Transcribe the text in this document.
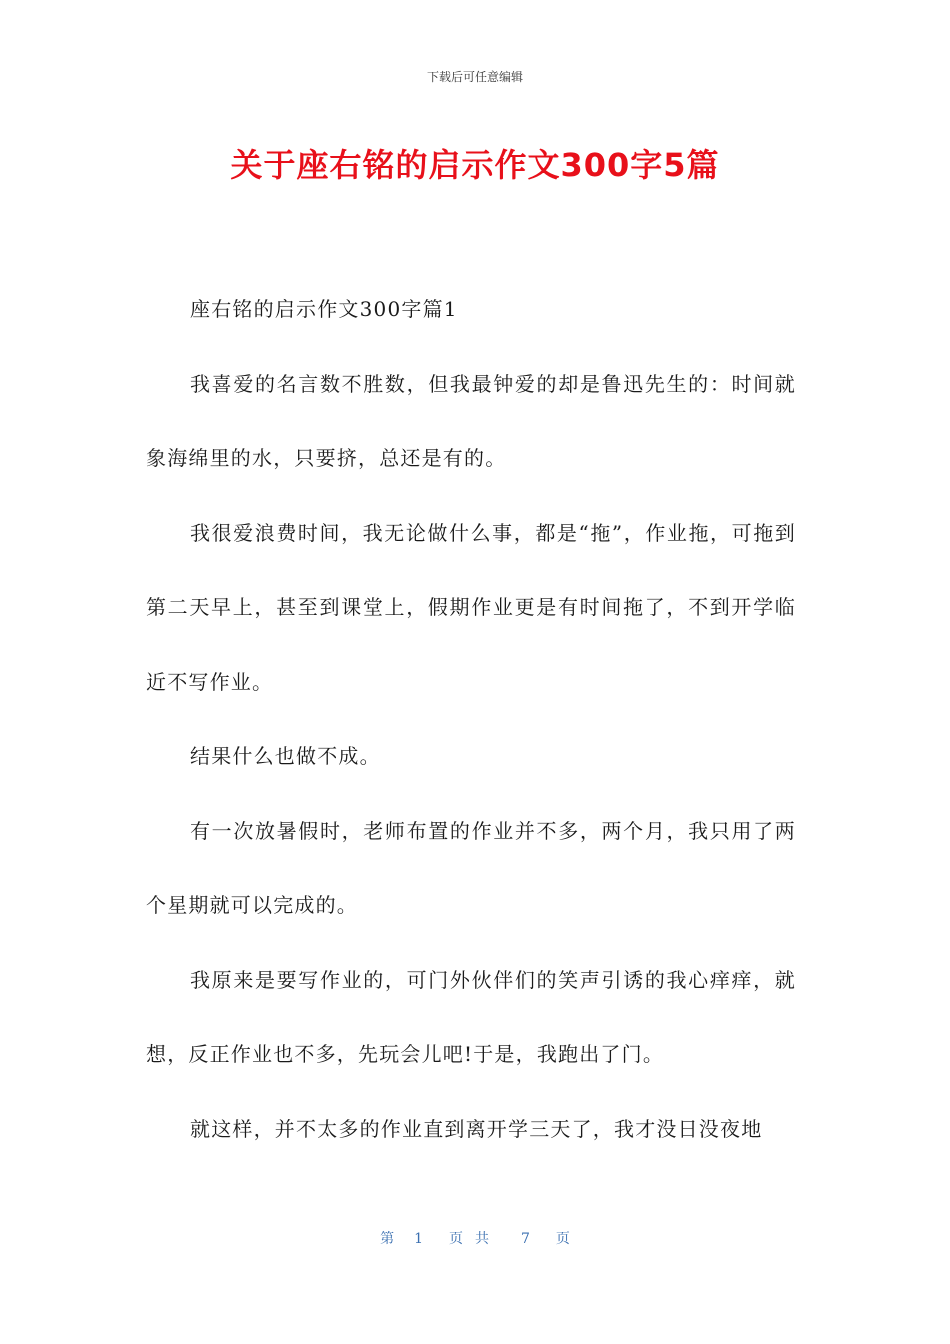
下载后可任意编辑
关于座右铭的启示作文300字5篇

座右铭的启示作文300字篇1

我喜爱的名言数不胜数，但我最钟爱的却是鲁迅先生的：时间就象海绵里的水，只要挤，总还是有的。

我很爱浪费时间，我无论做什么事，都是“拖”，作业拖，可拖到第二天早上，甚至到课堂上，假期作业更是有时间拖了，不到开学临近不写作业。

结果什么也做不成。

有一次放暑假时，老师布置的作业并不多，两个月，我只用了两个星期就可以完成的。

我原来是要写作业的，可门外伙伴们的笑声引诱的我心痒痒，就想，反正作业也不多，先玩会儿吧!于是，我跑出了门。

就这样，并不太多的作业直到离开学三天了，我才没日没夜地

第 1 页共 7 页
